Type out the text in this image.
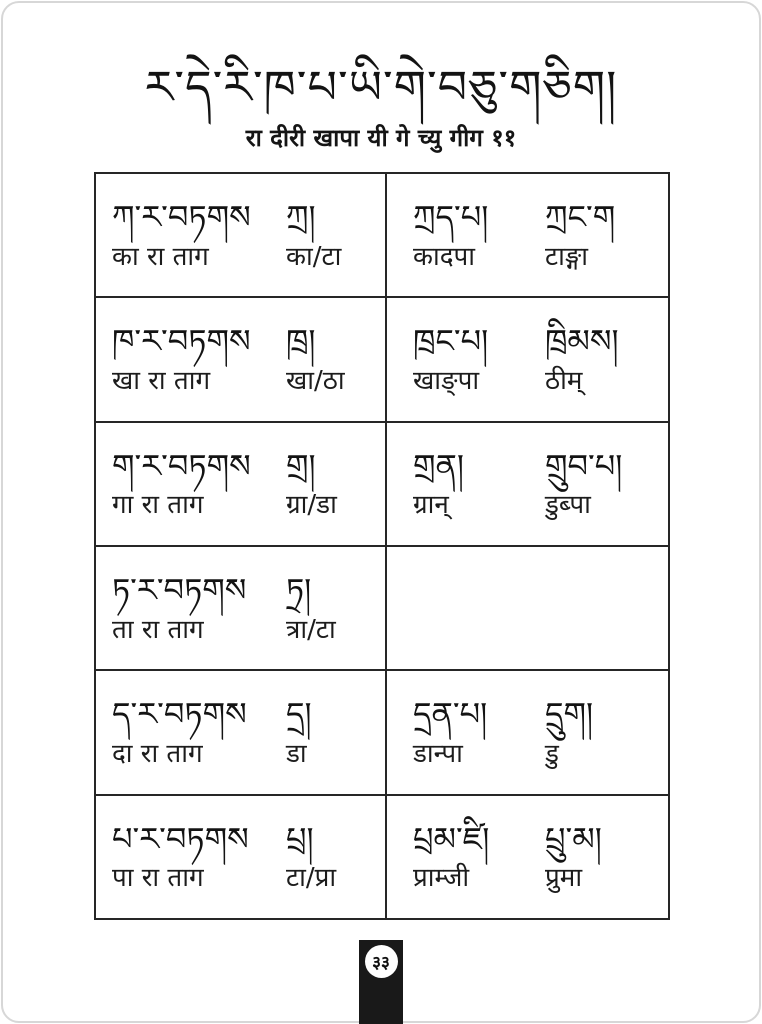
ར་དེ་རི་ཁ་པ་ཡི་གེ་བཅུ་གཅིག།
रा दीरी खापा यी गे च्यु गीग ११
ཀ་ར་བཏགས
का रा ताग
ཀྲ།
का/टा
ཀྲད་པ།
कादपा
ཀྲང་ག
टाङ्गा
ཁ་ར་བཏགས
खा रा ताग
ཁྲ།
खा/ठा
ཁྲང་པ།
खाङ्पा
ཁྲིམས།
ठीम्
ག་ར་བཏགས
गा रा ताग
གྲ།
ग्रा/डा
གྲན།
ग्रान्
གྲུབ་པ།
डुब्पा
ཏ་ར་བཏགས
ता रा ताग
ཏྲ།
त्रा/टा
ད་ར་བཏགས
दा रा ताग
དྲ།
डा
དྲན་པ།
डान्पा
དྲུག།
डु
པ་ར་བཏགས
पा रा ताग
པྲ།
टा/प्रा
པྲམ་ཛི།
प्राम्जी
པྲུ་མ།
प्रुमा
३३
